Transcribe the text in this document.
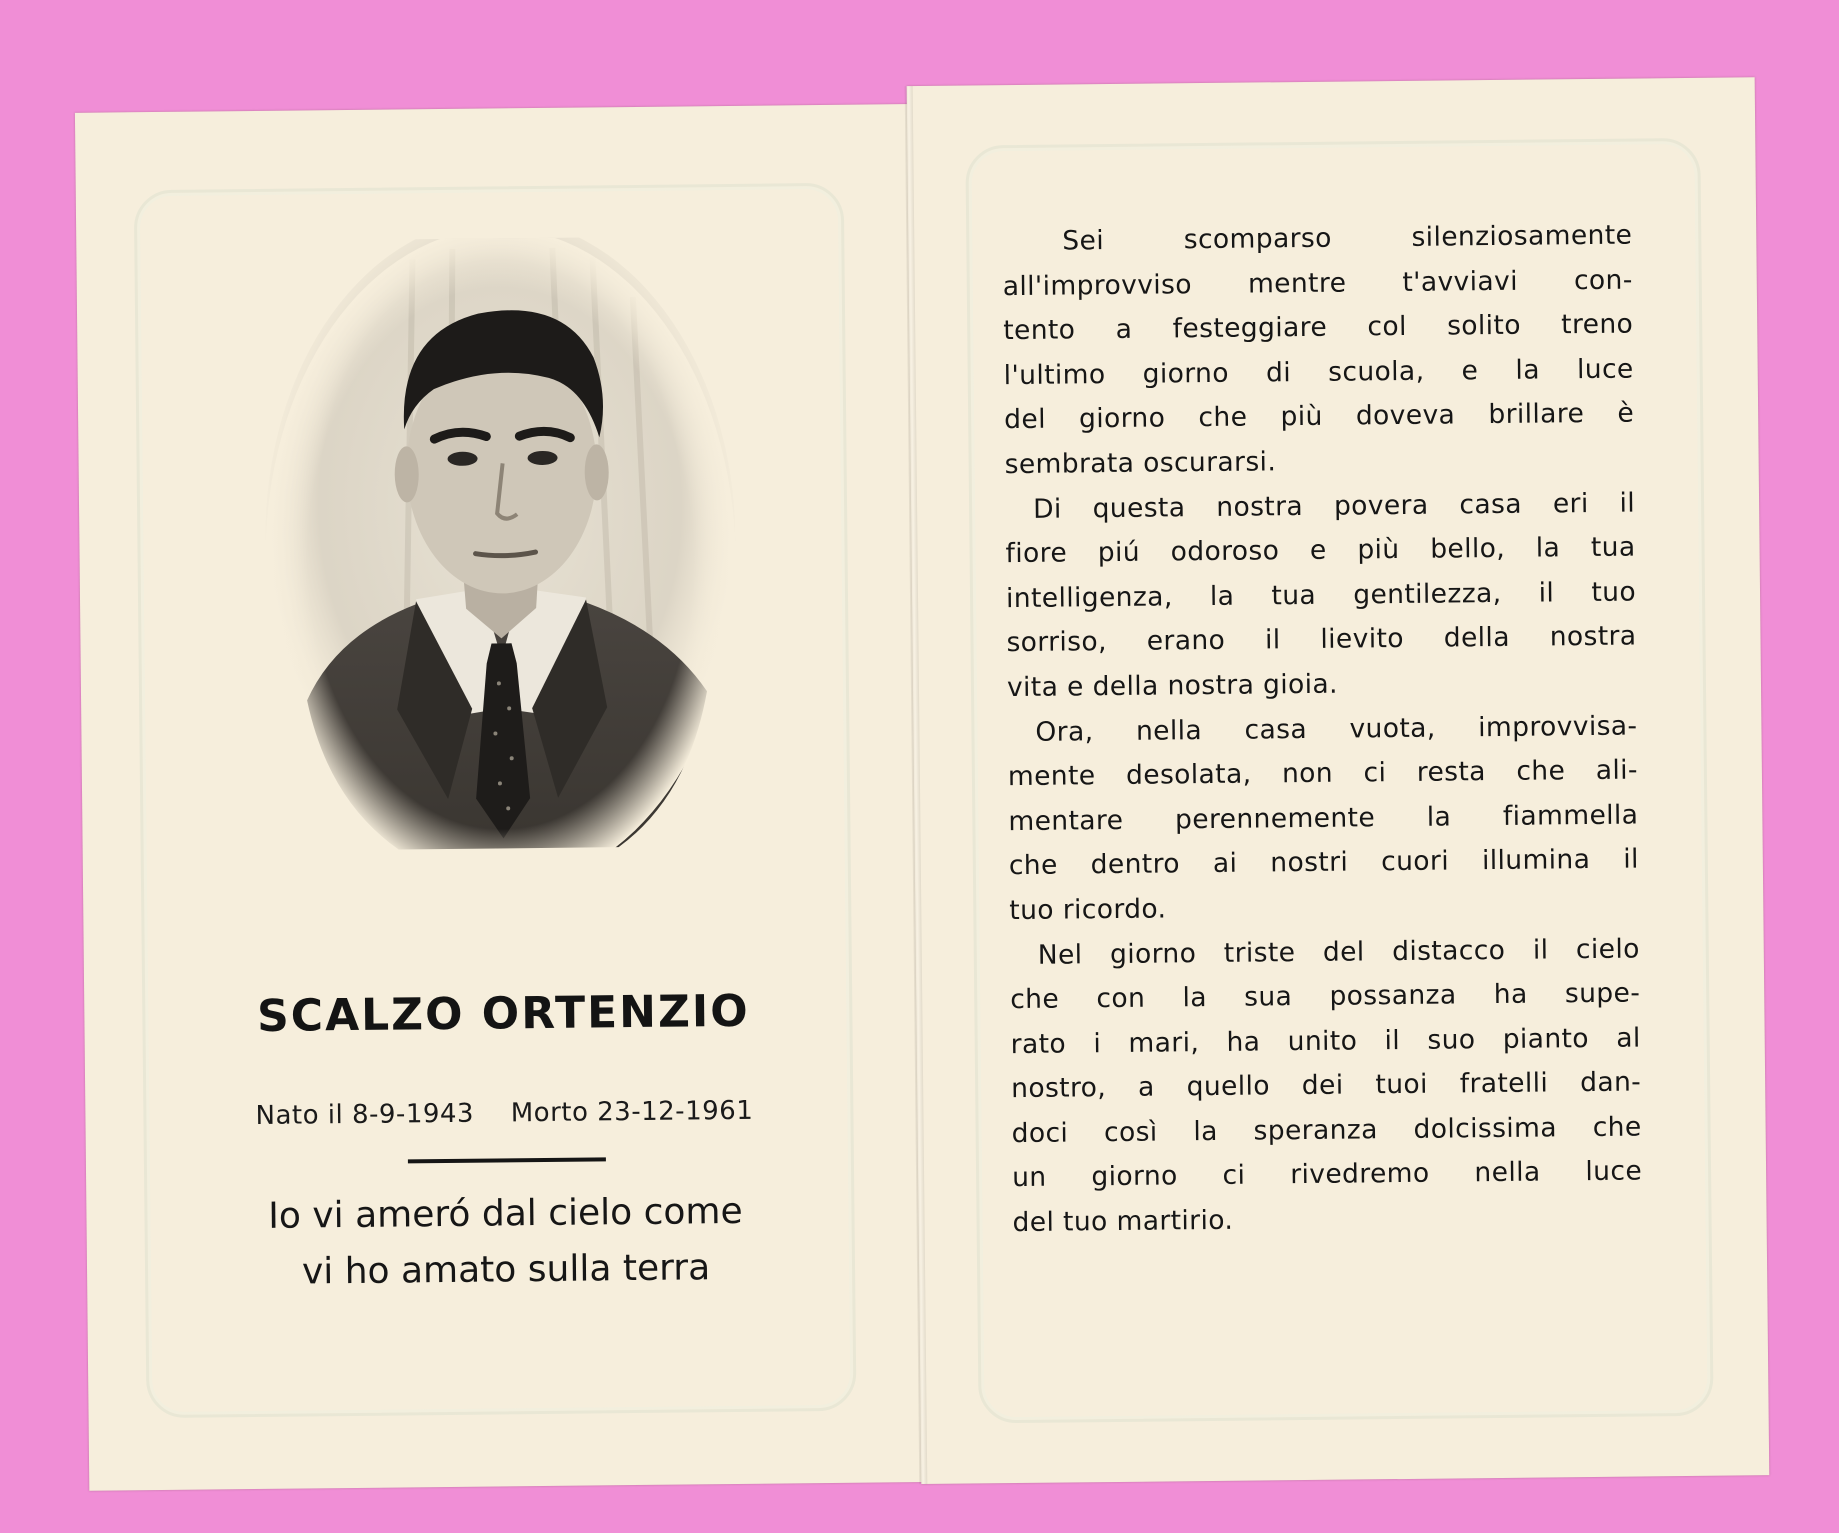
SCALZO ORTENZIO
Nato il 8-9-1943 Morto 23-12-1961
Io vi ameró dal cielo come
vi ho amato sulla terra

Sei scomparso silenziosamente
all'improvviso mentre t'avviavi con-
tento a festeggiare col solito treno
l'ultimo giorno di scuola, e la luce
del giorno che più doveva brillare è
sembrata oscurarsi.

Di questa nostra povera casa eri il
fiore piú odoroso e più bello, la tua
intelligenza, la tua gentilezza, il tuo
sorriso, erano il lievito della nostra
vita e della nostra gioia.

Ora, nella casa vuota, improvvisa-
mente desolata, non ci resta che ali-
mentare perennemente la fiammella
che dentro ai nostri cuori illumina il
tuo ricordo.

Nel giorno triste del distacco il cielo
che con la sua possanza ha supe-
rato i mari, ha unito il suo pianto al
nostro, a quello dei tuoi fratelli dan-
doci così la speranza dolcissima che
un giorno ci rivedremo nella luce
del tuo martirio.
